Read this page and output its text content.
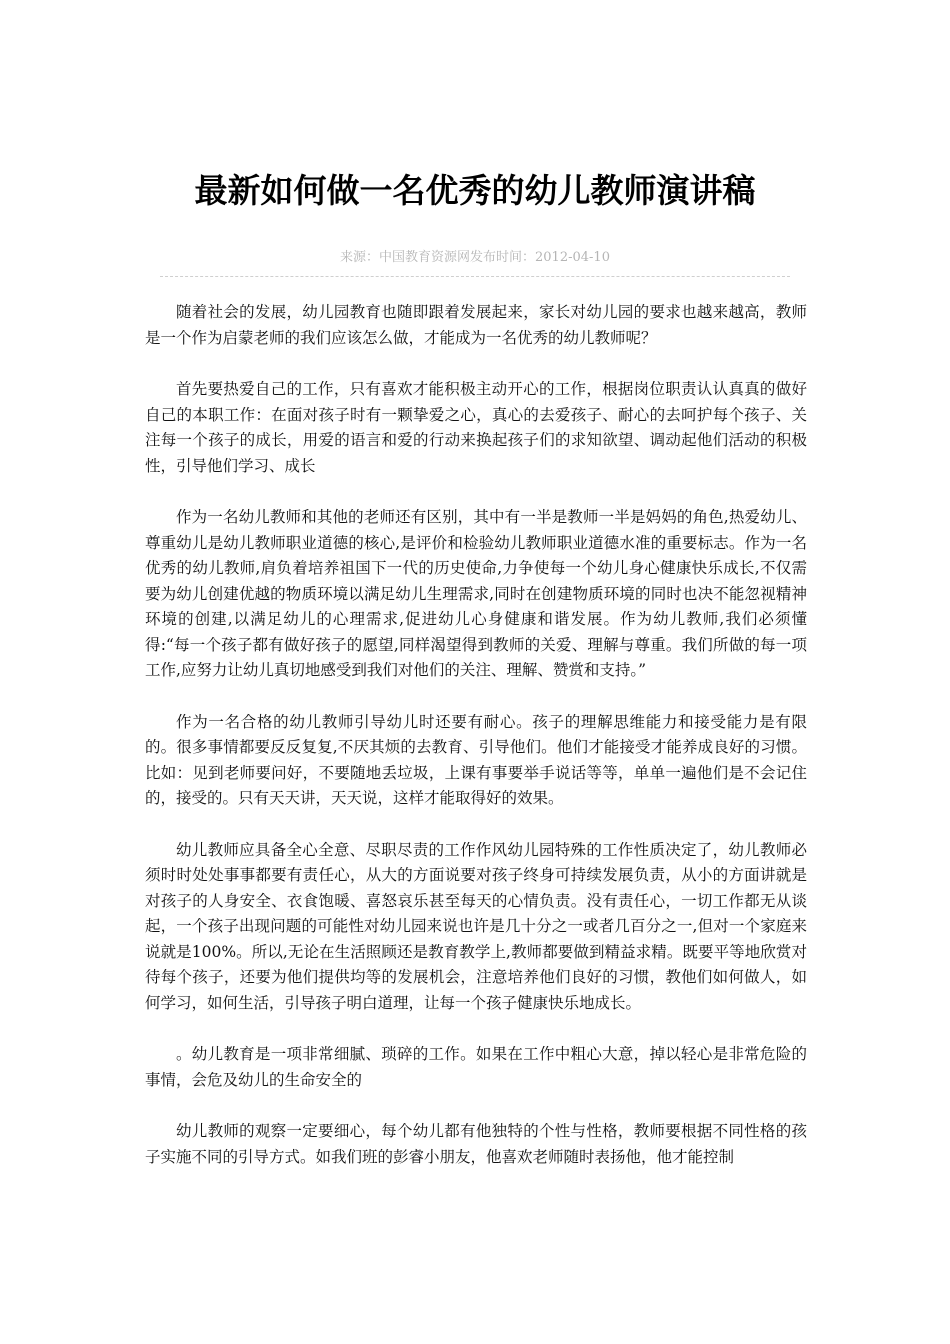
最新如何做一名优秀的幼儿教师演讲稿
来源：中国教育资源网发布时间：2012-04-10

随着社会的发展，幼儿园教育也随即跟着发展起来，家长对幼儿园的要求也越来越高，教师是一个作为启蒙老师的我们应该怎么做，才能成为一名优秀的幼儿教师呢？

首先要热爱自己的工作，只有喜欢才能积极主动开心的工作，根据岗位职责认认真真的做好自己的本职工作：在面对孩子时有一颗挚爱之心，真心的去爱孩子、耐心的去呵护每个孩子、关注每一个孩子的成长，用爱的语言和爱的行动来换起孩子们的求知欲望、调动起他们活动的积极性，引导他们学习、成长

作为一名幼儿教师和其他的老师还有区别，其中有一半是教师一半是妈妈的角色,热爱幼儿、尊重幼儿是幼儿教师职业道德的核心,是评价和检验幼儿教师职业道德水准的重要标志。作为一名优秀的幼儿教师,肩负着培养祖国下一代的历史使命,力争使每一个幼儿身心健康快乐成长,不仅需要为幼儿创建优越的物质环境以满足幼儿生理需求,同时在创建物质环境的同时也决不能忽视精神环境的创建,以满足幼儿的心理需求,促进幼儿心身健康和谐发展。作为幼儿教师,我们必须懂得:“每一个孩子都有做好孩子的愿望,同样渴望得到教师的关爱、理解与尊重。我们所做的每一项工作,应努力让幼儿真切地感受到我们对他们的关注、理解、赞赏和支持。”

作为一名合格的幼儿教师引导幼儿时还要有耐心。孩子的理解思维能力和接受能力是有限的。很多事情都要反反复复,不厌其烦的去教育、引导他们。他们才能接受才能养成良好的习惯。比如：见到老师要问好，不要随地丢垃圾，上课有事要举手说话等等，单单一遍他们是不会记住的，接受的。只有天天讲，天天说，这样才能取得好的效果。

幼儿教师应具备全心全意、尽职尽责的工作作风幼儿园特殊的工作性质决定了，幼儿教师必须时时处处事事都要有责任心，从大的方面说要对孩子终身可持续发展负责，从小的方面讲就是对孩子的人身安全、衣食饱暖、喜怒哀乐甚至每天的心情负责。没有责任心，一切工作都无从谈起，一个孩子出现问题的可能性对幼儿园来说也许是几十分之一或者几百分之一,但对一个家庭来说就是100%。所以,无论在生活照顾还是教育教学上,教师都要做到精益求精。既要平等地欣赏对待每个孩子，还要为他们提供均等的发展机会，注意培养他们良好的习惯，教他们如何做人，如何学习，如何生活，引导孩子明白道理，让每一个孩子健康快乐地成长。

。幼儿教育是一项非常细腻、琐碎的工作。如果在工作中粗心大意，掉以轻心是非常危险的事情，会危及幼儿的生命安全的

幼儿教师的观察一定要细心，每个幼儿都有他独特的个性与性格，教师要根据不同性格的孩子实施不同的引导方式。如我们班的彭睿小朋友，他喜欢老师随时表扬他，他才能控制
